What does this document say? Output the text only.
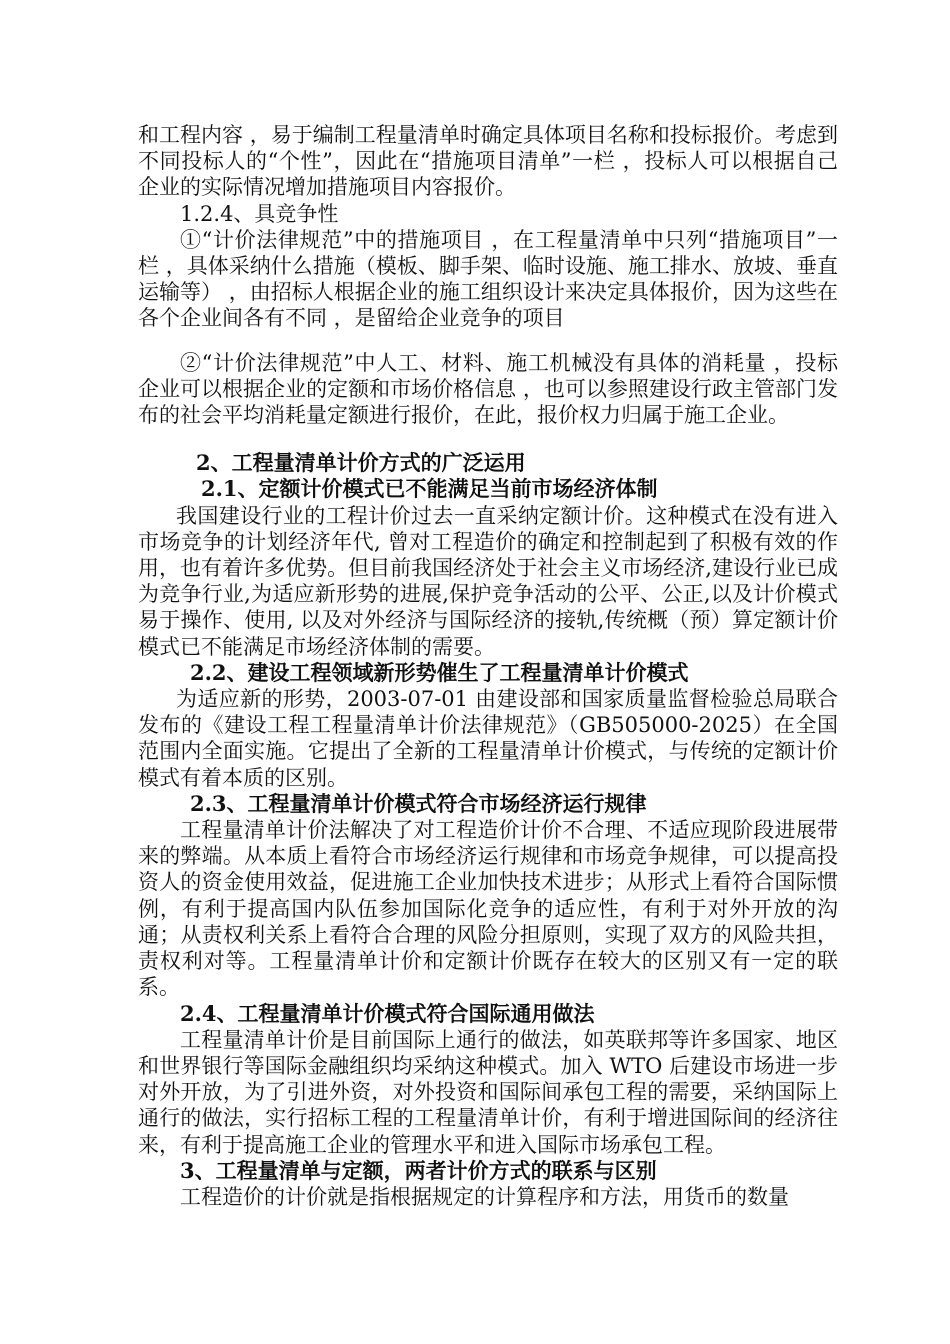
和工程内容 ，易于编制工程量清单时确定具体项目名称和投标报价。考虑到不同投标人的“个性”，因此在“措施项目清单”一栏 ，投标人可以根据自己企业的实际情况增加措施项目内容报价。

1.2.4、具竞争性

①“计价法律规范”中的措施项目 ，在工程量清单中只列“措施项目”一栏 ，具体采纳什么措施（模板、脚手架、临时设施、施工排水、放坡、垂直运输等） ，由招标人根据企业的施工组织设计来决定具体报价，因为这些在各个企业间各有不同 ，是留给企业竞争的项目

②“计价法律规范”中人工、材料、施工机械没有具体的消耗量 ，投标企业可以根据企业的定额和市场价格信息 ，也可以参照建设行政主管部门发布的社会平均消耗量定额进行报价，在此，报价权力归属于施工企业。

2、工程量清单计价方式的广泛运用

2.1、定额计价模式已不能满足当前市场经济体制

我国建设行业的工程计价过去一直采纳定额计价。这种模式在没有进入市场竞争的计划经济年代, 曾对工程造价的确定和控制起到了积极有效的作用，也有着许多优势。但目前我国经济处于社会主义市场经济,建设行业已成为竞争行业,为适应新形势的进展,保护竞争活动的公平、公正,以及计价模式易于操作、使用, 以及对外经济与国际经济的接轨,传统概（预）算定额计价模式已不能满足市场经济体制的需要。

2.2、建设工程领域新形势催生了工程量清单计价模式

为适应新的形势，2003-07-01 由建设部和国家质量监督检验总局联合发布的《建设工程工程量清单计价法律规范》（GB505000-2025）在全国范围内全面实施。它提出了全新的工程量清单计价模式，与传统的定额计价模式有着本质的区别。

2.3、工程量清单计价模式符合市场经济运行规律

工程量清单计价法解决了对工程造价计价不合理、不适应现阶段进展带来的弊端。从本质上看符合市场经济运行规律和市场竞争规律，可以提高投资人的资金使用效益，促进施工企业加快技术进步；从形式上看符合国际惯例，有利于提高国内队伍参加国际化竞争的适应性，有利于对外开放的沟通；从责权利关系上看符合合理的风险分担原则，实现了双方的风险共担，责权利对等。工程量清单计价和定额计价既存在较大的区别又有一定的联系。

2.4、工程量清单计价模式符合国际通用做法

工程量清单计价是目前国际上通行的做法，如英联邦等许多国家、地区和世界银行等国际金融组织均采纳这种模式。加入 WTO 后建设市场进一步对外开放，为了引进外资，对外投资和国际间承包工程的需要，采纳国际上通行的做法，实行招标工程的工程量清单计价，有利于增进国际间的经济往来，有利于提高施工企业的管理水平和进入国际市场承包工程。

3、工程量清单与定额，两者计价方式的联系与区别

工程造价的计价就是指根据规定的计算程序和方法，用货币的数量
